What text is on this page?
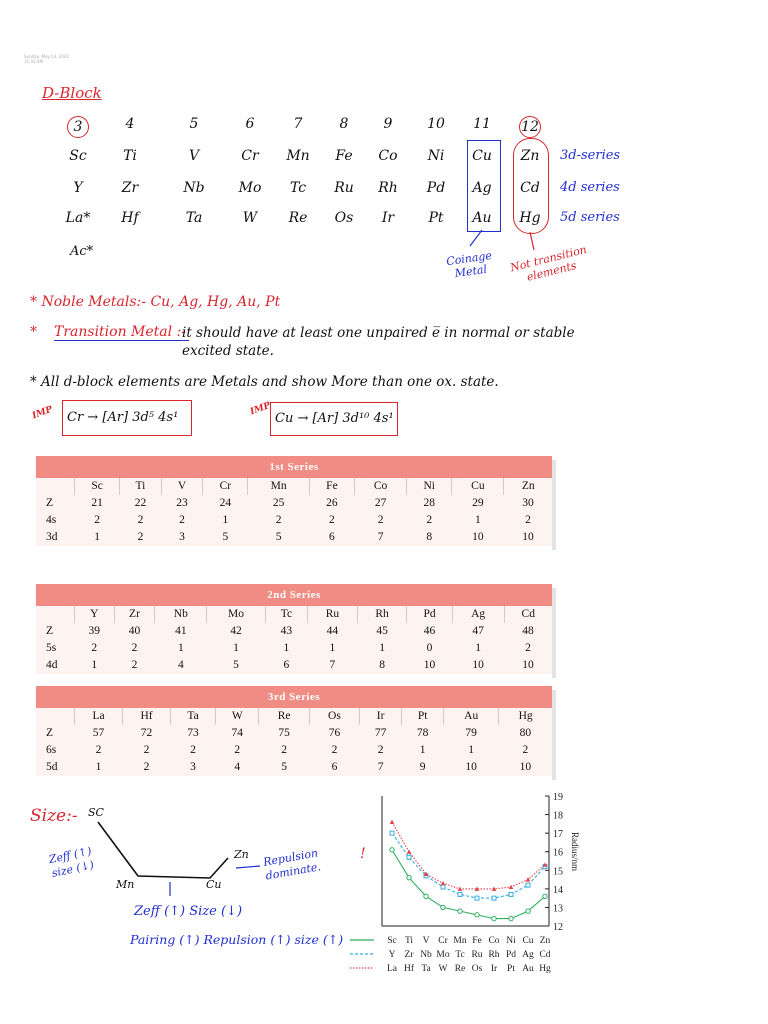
Sunday, May 03, 2020
11:03 AM
D-Block
3	4	5	6	7	8	9	10	11	12
Sc	Ti	V	Cr	Mn	Fe	Co	Ni	Cu	Zn	3d-series
Y	Zr	Nb	Mo	Tc	Ru	Rh	Pd	Ag	Cd	4d series
La*	Hf	Ta	W	Re	Os	Ir	Pt	Au	Hg	5d series
Ac*	Coinage Metal	Not transition elements
* Noble Metals:- Cu, Ag, Hg, Au, Pt
* Transition Metal :-
it should have at least one unpaired e̅ in normal or stable excited state.
* All d-block elements are Metals and show More than one ox. state.
IMP Cr → [Ar] 3d⁵ 4s¹
IMP
Cu → [Ar] 3d¹⁰ 4s¹
1st Series
	Sc	Ti	V	Cr	Mn	Fe	Co	Ni	Cu	Zn
Z	21	22	23	24	25	26	27	28	29	30
4s	2	2	2	1	2	2	2	2	1	2
3d	1	2	3	5	5	6	7	8	10	10
2nd Series
	Y	Zr	Nb	Mo	Tc	Ru	Rh	Pd	Ag	Cd
Z	39	40	41	42	43	44	45	46	47	48
5s	2	2	1	1	1	1	1	0	1	2
4d	1	2	4	5	6	7	8	10	10	10
3rd Series
	La	Hf	Ta	W	Re	Os	Ir	Pt	Au	Hg
Z	57	72	73	74	75	76	77	78	79	80
6s	2	2	2	2	2	2	2	1	1	2
5d	1	2	3	4	5	6	7	9	10	10
Size:- SC
Mn	Cu
Zn
Zeff (↑) size (↓)
Repulsion dominate.
!
Zeff (↑) Size (↓)
Pairing (↑) Repulsion (↑) size (↑)
12
13
14
15
16
17
18
19
Radius/nm
Sc Ti V Cr Mn Fe Co Ni Cu Zn
Y Zr Nb Mo Tc Ru Rh Pd Ag Cd
La Hf Ta W Re Os Ir Pt Au Hg
